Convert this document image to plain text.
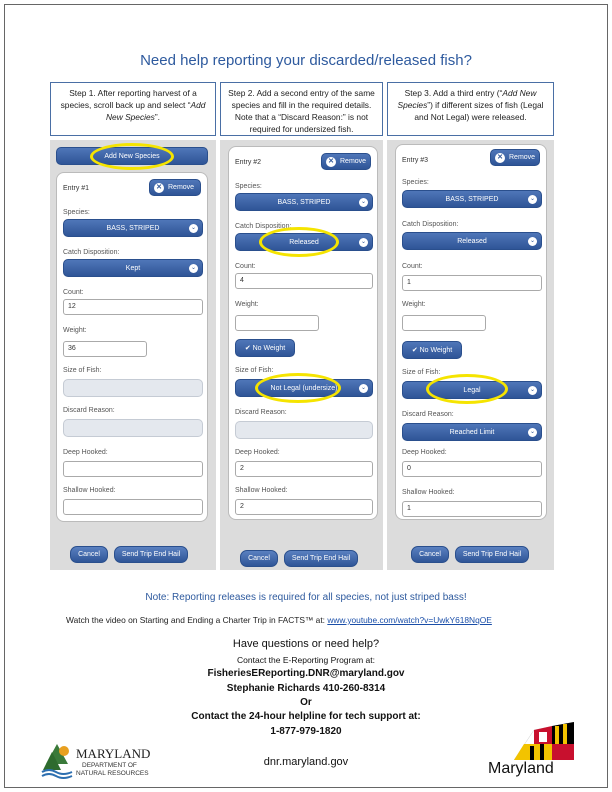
Need help reporting your discarded/released fish?
Step 1. After reporting harvest of a species, scroll back up and select “Add New Species”.
Step 2. Add a second entry of the same species and fill in the required details. Note that a “Discard Reason:” is not required for undersized fish.
Step 3. Add a third entry (“Add New Species”) if different sizes of fish (Legal and Not Legal) were released.
Add New Species
Entry #1	✕ Remove
Species:
BASS, STRIPED	⌄
Catch Disposition:
Kept	⌄
Count:
12
Weight:
36
Size of Fish:
Discard Reason:
Deep Hooked:
Shallow Hooked:
Cancel	Send Trip End Hail
Entry #2	✕ Remove
Species:
BASS, STRIPED	⌄
Catch Disposition:
Released	⌄
Count:
4
Weight:
✔ No Weight
Size of Fish:
Not Legal (undersize)	⌄
Discard Reason:
Deep Hooked:
2
Shallow Hooked:
2
Cancel	Send Trip End Hail
Entry #3	✕ Remove
Species:
BASS, STRIPED	⌄
Catch Disposition:
Released	⌄
Count:
1
Weight:
✔ No Weight
Size of Fish:
Legal	⌄
Discard Reason:
Reached Limit	⌄
Deep Hooked:
0
Shallow Hooked:
1
Cancel	Send Trip End Hail
Note: Reporting releases is required for all species, not just striped bass!
Watch the video on Starting and Ending a Charter Trip in FACTS™ at: www.youtube.com/watch?v=UwkY618NqOE
Have questions or need help?
Contact the E-Reporting Program at:
FisheriesEReporting.DNR@maryland.gov
Stephanie Richards 410-260-8314
Or
Contact the 24-hour helpline for tech support at:
1-877-979-1820
MARYLAND
DEPARTMENT OF
NATURAL RESOURCES
dnr.maryland.gov	Maryland
